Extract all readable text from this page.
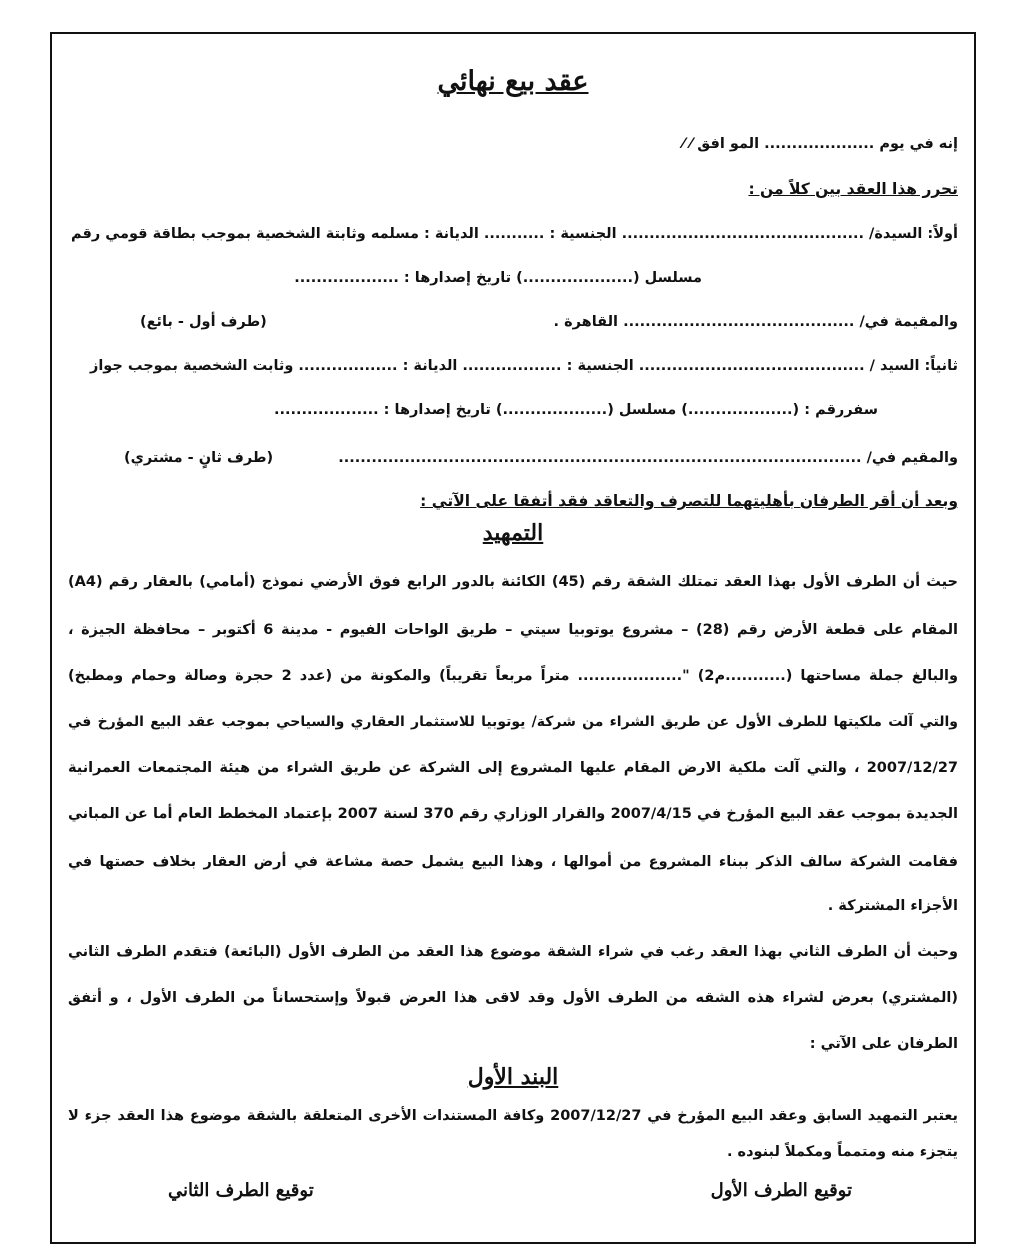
عقد بيع نهائي
إنه في يوم .................... المو افق ⁄ ⁄
تحرر هذا العقد بين كلاً من :
أولاً: السيدة/ ............................................ الجنسية : ........... الديانة : مسلمه وثابتة الشخصية بموجب بطاقة قومي رقم
مسلسل (....................) تاريخ إصدارها : ...................
والمقيمة في/ .......................................... القاهرة .
(طرف أول - بائع)
ثانياً: السيد / ......................................... الجنسية : .................. الديانة : .................. وثابت الشخصية بموجب جواز
سفررقم : (...................) مسلسل (...................) تاريخ إصدارها : ...................
والمقيم في/ ...............................................................................................
(طرف ثانٍ - مشتري)
وبعد أن أقر الطرفان بأهليتهما للتصرف والتعاقد فقد أتفقا على الآتي :
التمهيد
حيث أن الطرف الأول بهذا العقد تمتلك الشقة رقم (45) الكائنة بالدور الرابع فوق الأرضي نموذج (أمامي) بالعقار رقم (A4)
المقام على قطعة الأرض رقم (28) – مشروع يوتوبيا سيتي – طريق الواحات الفيوم - مدينة 6 أكتوبر – محافظة الجيزة ،
والبالغ جملة مساحتها (...........م2) "................... متراً مربعاً تقريباً) والمكونة من (عدد 2 حجرة وصالة وحمام ومطبخ)
والتي آلت ملكيتها للطرف الأول عن طريق الشراء من شركة/ يوتوبيا للاستثمار العقاري والسياحي بموجب عقد البيع المؤرخ في
2007/12/27 ، والتي آلت ملكية الارض المقام عليها المشروع إلى الشركة عن طريق الشراء من هيئة المجتمعات العمرانية
الجديدة بموجب عقد البيع المؤرخ في 2007/4/15 والقرار الوزاري رقم 370 لسنة 2007 بإعتماد المخطط العام أما عن المباني
فقامت الشركة سالف الذكر ببناء المشروع من أموالها ، وهذا البيع يشمل حصة مشاعة في أرض العقار بخلاف حصتها في
الأجزاء المشتركة .
وحيث أن الطرف الثاني بهذا العقد رغب في شراء الشقة موضوع هذا العقد من الطرف الأول (البائعة) فتقدم الطرف الثاني
(المشتري) بعرض لشراء هذه الشقه من الطرف الأول وقد لاقى هذا العرض قبولاً وإستحساناً من الطرف الأول ، و أتفق
الطرفان على الآتي :
البند الأول
يعتبر التمهيد السابق وعقد البيع المؤرخ في 2007/12/27 وكافة المستندات الأخرى المتعلقة بالشقة موضوع هذا العقد جزء لا
يتجزء منه ومتمماً ومكملاً لبنوده .
توقيع الطرف الأول
توقيع الطرف الثاني
